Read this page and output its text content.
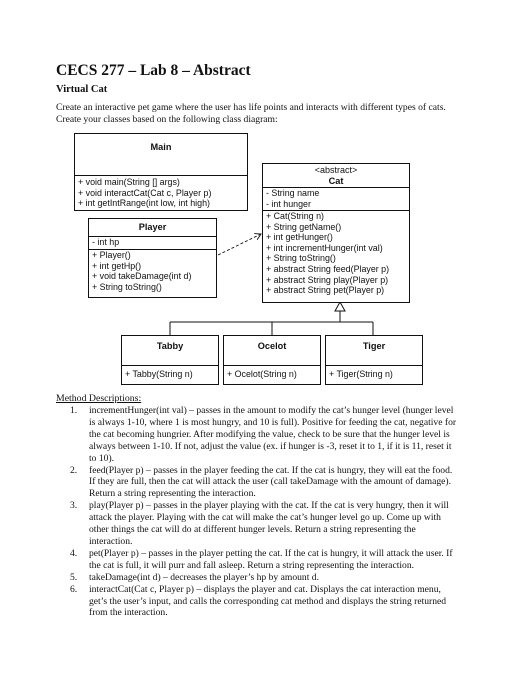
CECS 277 – Lab 8 – Abstract
Virtual Cat
Create an interactive pet game where the user has life points and interacts with different types of cats. Create your classes based on the following class diagram:
Main
+ void main(String [] args)
+ void interactCat(Cat c, Player p)
+ int getIntRange(int low, int high)
Player
- int hp
+ Player()
+ int getHp()
+ void takeDamage(int d)
+ String toString()
<abstract>
Cat
- String name
- int hunger
+ Cat(String n)
+ String getName()
+ int getHunger()
+ int incrementHunger(int val)
+ String toString()
+ abstract String feed(Player p)
+ abstract String play(Player p)
+ abstract String pet(Player p)
Tabby
+ Tabby(String n)
Ocelot
+ Ocelot(String n)
Tiger
+ Tiger(String n)
Method Descriptions:
1. incrementHunger(int val) – passes in the amount to modify the cat’s hunger level (hunger level is always 1-10, where 1 is most hungry, and 10 is full). Positive for feeding the cat, negative for the cat becoming hungrier. After modifying the value, check to be sure that the hunger level is always between 1-10. If not, adjust the value (ex. if hunger is -3, reset it to 1, if it is 11, reset it to 10).
2. feed(Player p) – passes in the player feeding the cat. If the cat is hungry, they will eat the food. If they are full, then the cat will attack the user (call takeDamage with the amount of damage). Return a string representing the interaction.
3. play(Player p) – passes in the player playing with the cat. If the cat is very hungry, then it will attack the player. Playing with the cat will make the cat’s hunger level go up. Come up with other things the cat will do at different hunger levels. Return a string representing the interaction.
4. pet(Player p) – passes in the player petting the cat. If the cat is hungry, it will attack the user. If the cat is full, it will purr and fall asleep. Return a string representing the interaction.
5. takeDamage(int d) – decreases the player’s hp by amount d.
6. interactCat(Cat c, Player p) – displays the player and cat. Displays the cat interaction menu, get’s the user’s input, and calls the corresponding cat method and displays the string returned from the interaction.
